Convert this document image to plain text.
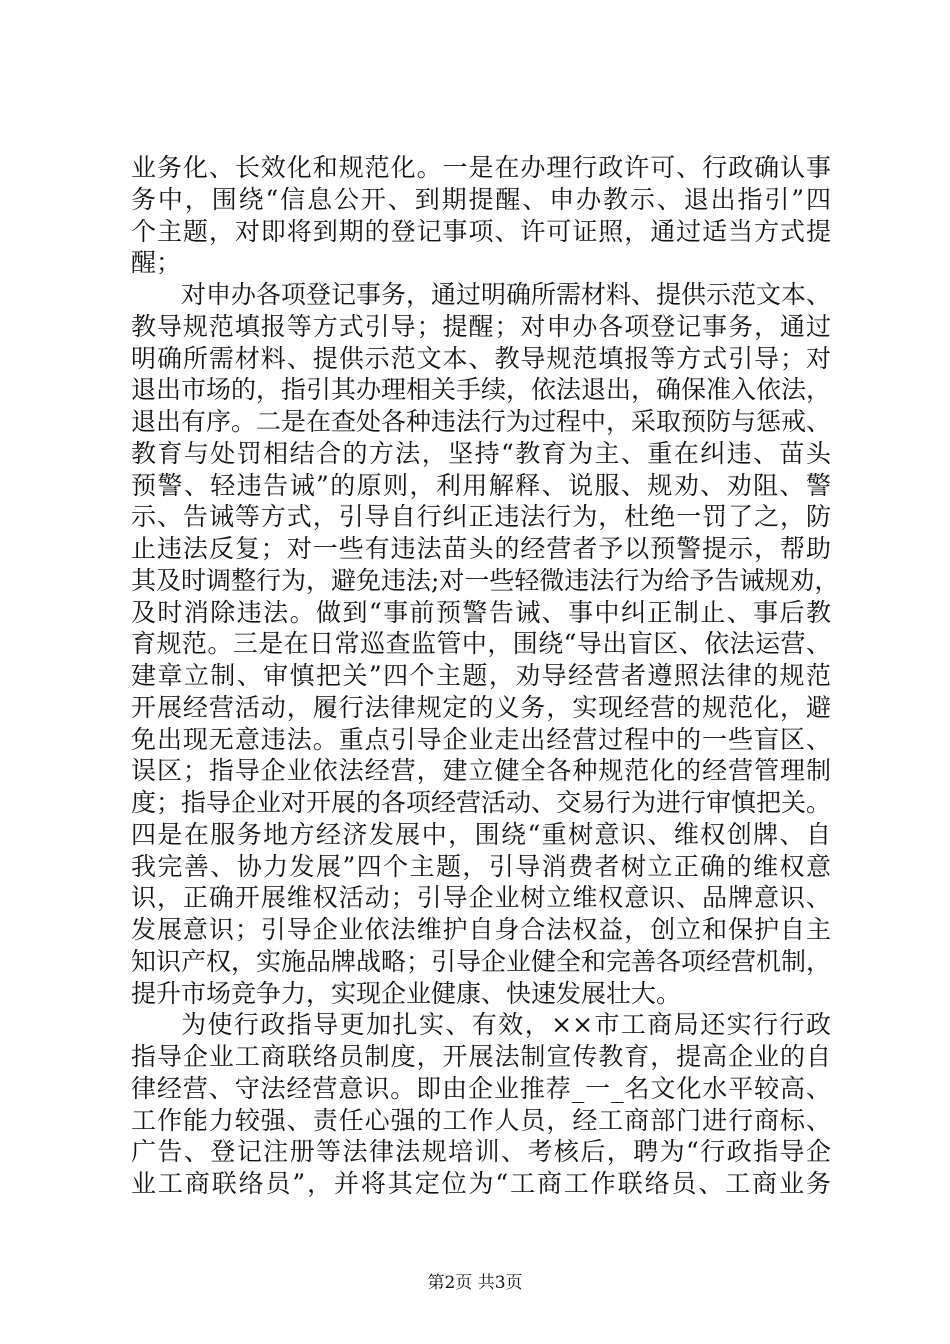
业务化、长效化和规范化。一是在办理行政许可、行政确认事
务中，围绕“信息公开、到期提醒、申办教示、退出指引”四
个主题，对即将到期的登记事项、许可证照，通过适当方式提
醒；
对申办各项登记事务，通过明确所需材料、提供示范文本、
教导规范填报等方式引导；提醒；对申办各项登记事务，通过
明确所需材料、提供示范文本、教导规范填报等方式引导；对
退出市场的，指引其办理相关手续，依法退出，确保准入依法，
退出有序。二是在查处各种违法行为过程中，采取预防与惩戒、
教育与处罚相结合的方法，坚持“教育为主、重在纠违、苗头
预警、轻违告诫”的原则，利用解释、说服、规劝、劝阻、警
示、告诫等方式，引导自行纠正违法行为，杜绝一罚了之，防
止违法反复；对一些有违法苗头的经营者予以预警提示，帮助
其及时调整行为，避免违法;对一些轻微违法行为给予告诫规劝，
及时消除违法。做到“事前预警告诫、事中纠正制止、事后教
育规范。三是在日常巡查监管中，围绕“导出盲区、依法运营、
建章立制、审慎把关”四个主题，劝导经营者遵照法律的规范
开展经营活动，履行法律规定的义务，实现经营的规范化，避
免出现无意违法。重点引导企业走出经营过程中的一些盲区、
误区；指导企业依法经营，建立健全各种规范化的经营管理制
度；指导企业对开展的各项经营活动、交易行为进行审慎把关。
四是在服务地方经济发展中，围绕“重树意识、维权创牌、自
我完善、协力发展”四个主题，引导消费者树立正确的维权意
识，正确开展维权活动；引导企业树立维权意识、品牌意识、
发展意识；引导企业依法维护自身合法权益，创立和保护自主
知识产权，实施品牌战略；引导企业健全和完善各项经营机制，
提升市场竞争力，实现企业健康、快速发展壮大。
为使行政指导更加扎实、有效，××市工商局还实行行政
指导企业工商联络员制度，开展法制宣传教育，提高企业的自
律经营、守法经营意识。即由企业推荐_一_名文化水平较高、
工作能力较强、责任心强的工作人员，经工商部门进行商标、
广告、登记注册等法律法规培训、考核后，聘为“行政指导企
业工商联络员”，并将其定位为“工商工作联络员、工商业务
第2页 共3页
